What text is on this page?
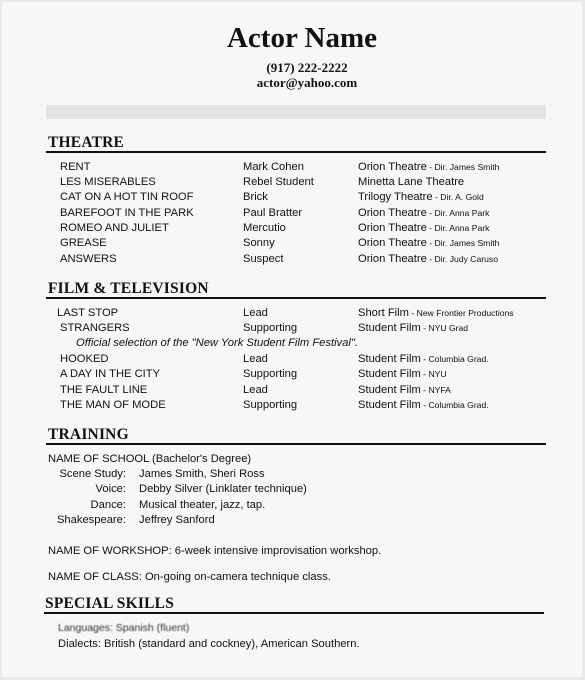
Actor Name
(917) 222-2222
actor@yahoo.com
THEATRE
RENT	Mark Cohen	Orion Theatre - Dir. James Smith
LES MISERABLES	Rebel Student	Minetta Lane Theatre
CAT ON A HOT TIN ROOF	Brick	Trilogy Theatre - Dir. A. Gold
BAREFOOT IN THE PARK	Paul Bratter	Orion Theatre - Dir. Anna Park
ROMEO AND JULIET	Mercutio	Orion Theatre - Dir. Anna Park
GREASE	Sonny	Orion Theatre - Dir. James Smith
ANSWERS	Suspect	Orion Theatre - Dir. Judy Caruso
FILM & TELEVISION
LAST STOP	Lead	Short Film - New Frontier Productions
STRANGERS	Supporting	Student Film - NYU Grad
Official selection of the "New York Student Film Festival".
HOOKED	Lead	Student Film - Columbia Grad.
A DAY IN THE CITY	Supporting	Student Film - NYU
THE FAULT LINE	Lead	Student Film - NYFA
THE MAN OF MODE	Supporting	Student Film - Columbia Grad.
TRAINING
NAME OF SCHOOL (Bachelor's Degree)
Scene Study: James Smith, Sheri Ross
Voice: Debby Silver (Linklater technique)
Dance: Musical theater, jazz, tap.
Shakespeare: Jeffrey Sanford
NAME OF WORKSHOP: 6-week intensive improvisation workshop.
NAME OF CLASS: On-going on-camera technique class.
SPECIAL SKILLS
Languages: Spanish (fluent)
Dialects: British (standard and cockney), American Southern.
